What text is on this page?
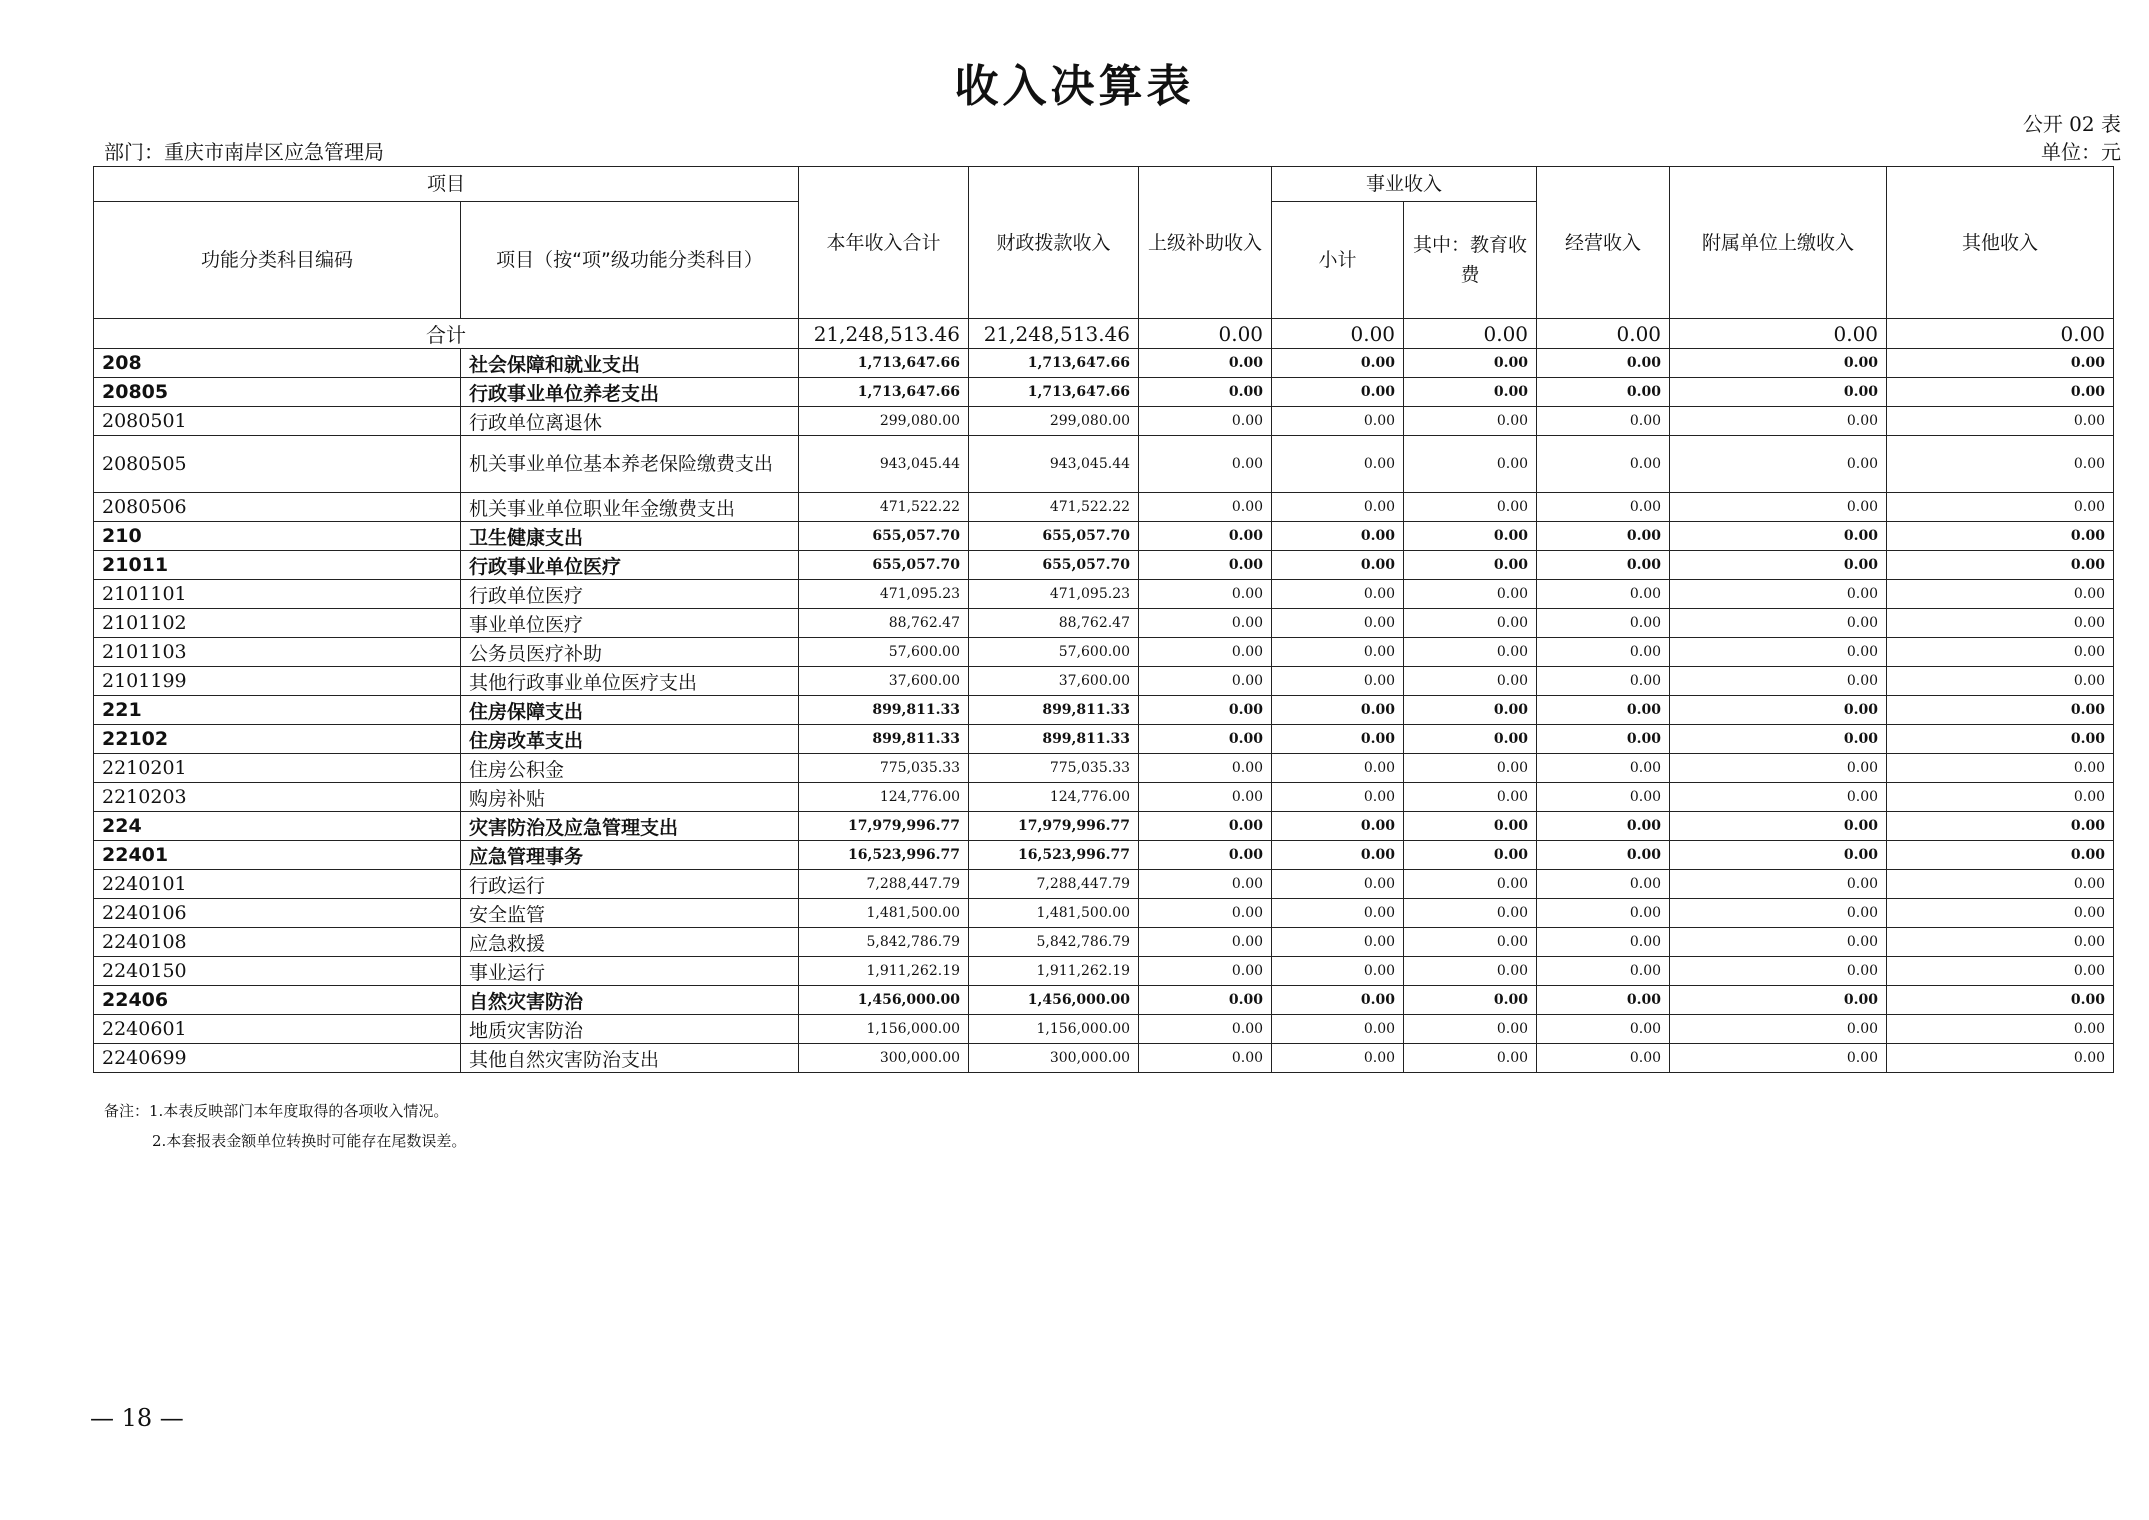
收入决算表
公开 02 表
部门：重庆市南岸区应急管理局	单位：元
项目		本年收入合计	财政拨款收入	上级补助收入	事业收入		经营收入	附属单位上缴收入	其他收入
功能分类科目编码	项目（按“项”级功能分类科目）				小计	其中：教育收费			
合计		21,248,513.46	21,248,513.46	0.00	0.00	0.00	0.00	0.00	0.00
208	社会保障和就业支出	1,713,647.66	1,713,647.66	0.00	0.00	0.00	0.00	0.00	0.00
20805	行政事业单位养老支出	1,713,647.66	1,713,647.66	0.00	0.00	0.00	0.00	0.00	0.00
2080501	行政单位离退休	299,080.00	299,080.00	0.00	0.00	0.00	0.00	0.00	0.00
2080505	机关事业单位基本养老保险缴费支出	943,045.44	943,045.44	0.00	0.00	0.00	0.00	0.00	0.00
2080506	机关事业单位职业年金缴费支出	471,522.22	471,522.22	0.00	0.00	0.00	0.00	0.00	0.00
210	卫生健康支出	655,057.70	655,057.70	0.00	0.00	0.00	0.00	0.00	0.00
21011	行政事业单位医疗	655,057.70	655,057.70	0.00	0.00	0.00	0.00	0.00	0.00
2101101	行政单位医疗	471,095.23	471,095.23	0.00	0.00	0.00	0.00	0.00	0.00
2101102	事业单位医疗	88,762.47	88,762.47	0.00	0.00	0.00	0.00	0.00	0.00
2101103	公务员医疗补助	57,600.00	57,600.00	0.00	0.00	0.00	0.00	0.00	0.00
2101199	其他行政事业单位医疗支出	37,600.00	37,600.00	0.00	0.00	0.00	0.00	0.00	0.00
221	住房保障支出	899,811.33	899,811.33	0.00	0.00	0.00	0.00	0.00	0.00
22102	住房改革支出	899,811.33	899,811.33	0.00	0.00	0.00	0.00	0.00	0.00
2210201	住房公积金	775,035.33	775,035.33	0.00	0.00	0.00	0.00	0.00	0.00
2210203	购房补贴	124,776.00	124,776.00	0.00	0.00	0.00	0.00	0.00	0.00
224	灾害防治及应急管理支出	17,979,996.77	17,979,996.77	0.00	0.00	0.00	0.00	0.00	0.00
22401	应急管理事务	16,523,996.77	16,523,996.77	0.00	0.00	0.00	0.00	0.00	0.00
2240101	行政运行	7,288,447.79	7,288,447.79	0.00	0.00	0.00	0.00	0.00	0.00
2240106	安全监管	1,481,500.00	1,481,500.00	0.00	0.00	0.00	0.00	0.00	0.00
2240108	应急救援	5,842,786.79	5,842,786.79	0.00	0.00	0.00	0.00	0.00	0.00
2240150	事业运行	1,911,262.19	1,911,262.19	0.00	0.00	0.00	0.00	0.00	0.00
22406	自然灾害防治	1,456,000.00	1,456,000.00	0.00	0.00	0.00	0.00	0.00	0.00
2240601	地质灾害防治	1,156,000.00	1,156,000.00	0.00	0.00	0.00	0.00	0.00	0.00
2240699	其他自然灾害防治支出	300,000.00	300,000.00	0.00	0.00	0.00	0.00	0.00	0.00
备注：1.本表反映部门本年度取得的各项收入情况。
2.本套报表金额单位转换时可能存在尾数误差。
— 18 —
